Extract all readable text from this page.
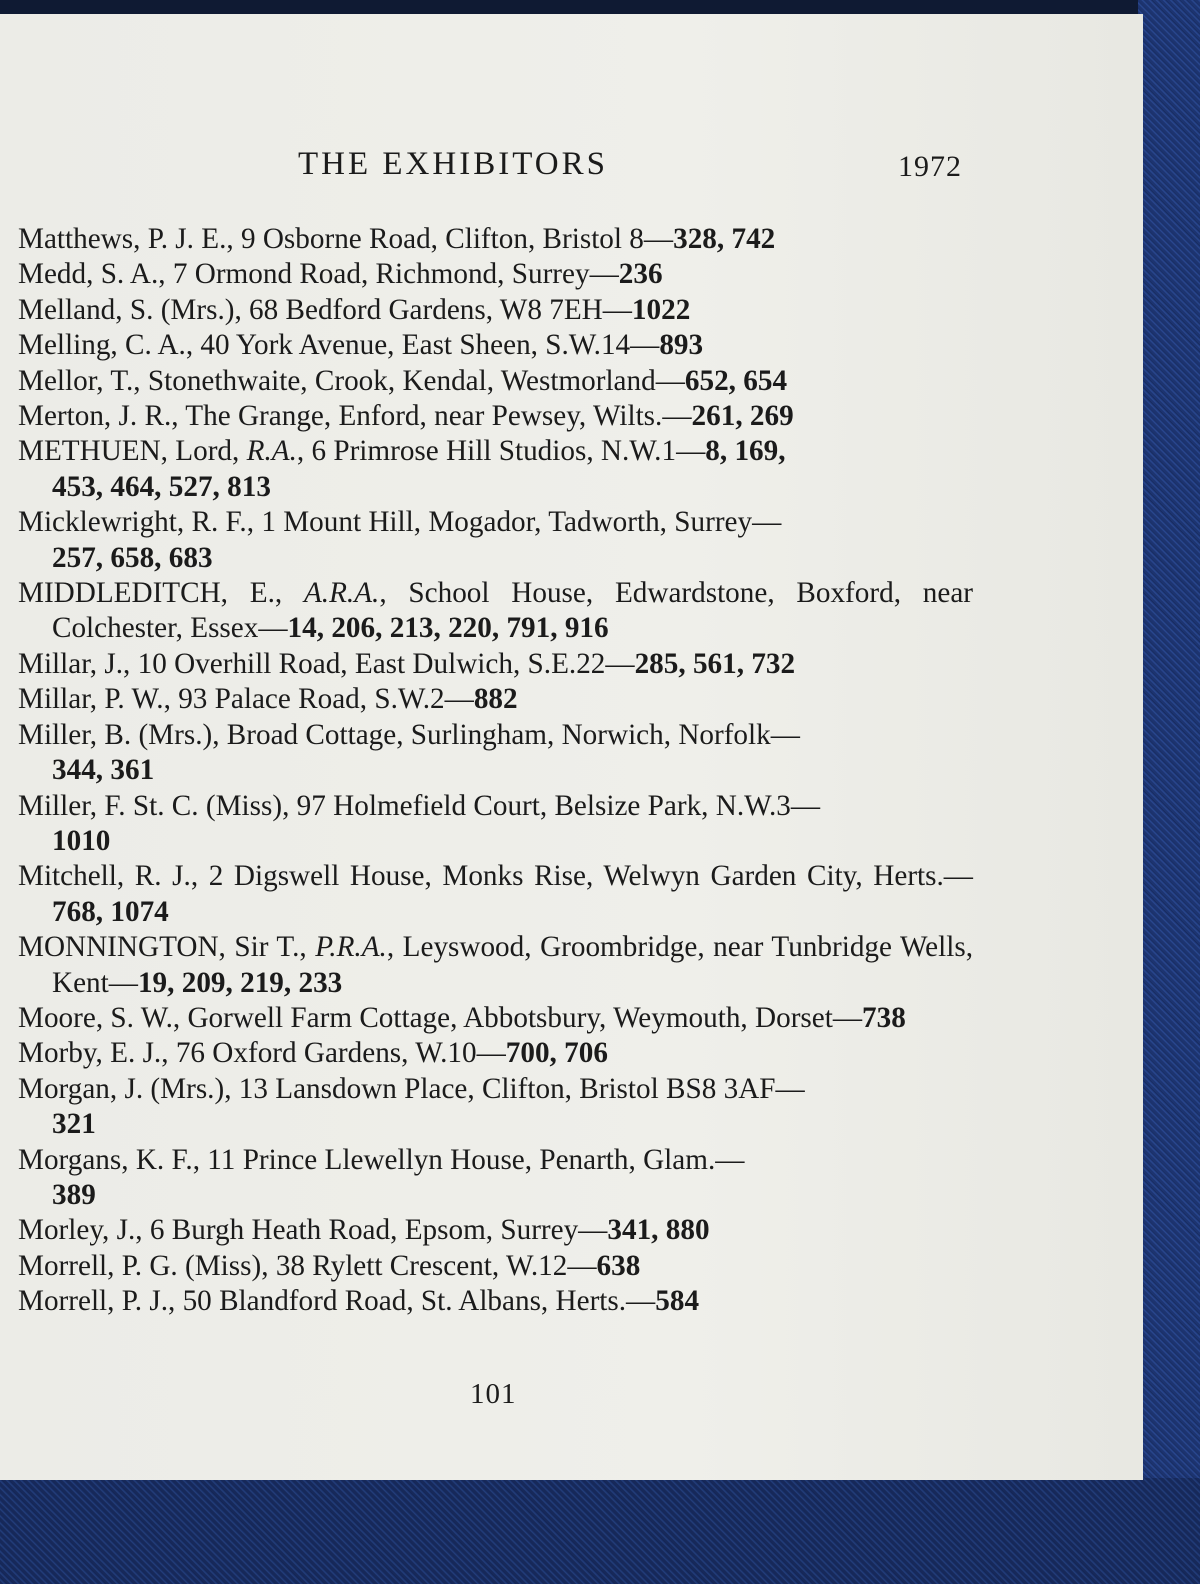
THE EXHIBITORS	1972
Matthews, P. J. E., 9 Osborne Road, Clifton, Bristol 8—328, 742
Medd, S. A., 7 Ormond Road, Richmond, Surrey—236
Melland, S. (Mrs.), 68 Bedford Gardens, W8 7EH—1022
Melling, C. A., 40 York Avenue, East Sheen, S.W.14—893
Mellor, T., Stonethwaite, Crook, Kendal, Westmorland—652, 654
Merton, J. R., The Grange, Enford, near Pewsey, Wilts.—261, 269
METHUEN, Lord, R.A., 6 Primrose Hill Studios, N.W.1—8, 169,
453, 464, 527, 813
Micklewright, R. F., 1 Mount Hill, Mogador, Tadworth, Surrey—
257, 658, 683
MIDDLEDITCH, E., A.R.A., School House, Edwardstone, Boxford, near Colchester, Essex—14, 206, 213, 220, 791, 916
Millar, J., 10 Overhill Road, East Dulwich, S.E.22—285, 561, 732
Millar, P. W., 93 Palace Road, S.W.2—882
Miller, B. (Mrs.), Broad Cottage, Surlingham, Norwich, Norfolk—
344, 361
Miller, F. St. C. (Miss), 97 Holmefield Court, Belsize Park, N.W.3—
1010
Mitchell, R. J., 2 Digswell House, Monks Rise, Welwyn Garden City, Herts.—768, 1074
MONNINGTON, Sir T., P.R.A., Leyswood, Groombridge, near Tunbridge Wells, Kent—19, 209, 219, 233
Moore, S. W., Gorwell Farm Cottage, Abbotsbury, Weymouth, Dorset—738
Morby, E. J., 76 Oxford Gardens, W.10—700, 706
Morgan, J. (Mrs.), 13 Lansdown Place, Clifton, Bristol BS8 3AF—
321
Morgans, K. F., 11 Prince Llewellyn House, Penarth, Glam.—
389
Morley, J., 6 Burgh Heath Road, Epsom, Surrey—341, 880
Morrell, P. G. (Miss), 38 Rylett Crescent, W.12—638
Morrell, P. J., 50 Blandford Road, St. Albans, Herts.—584
101
